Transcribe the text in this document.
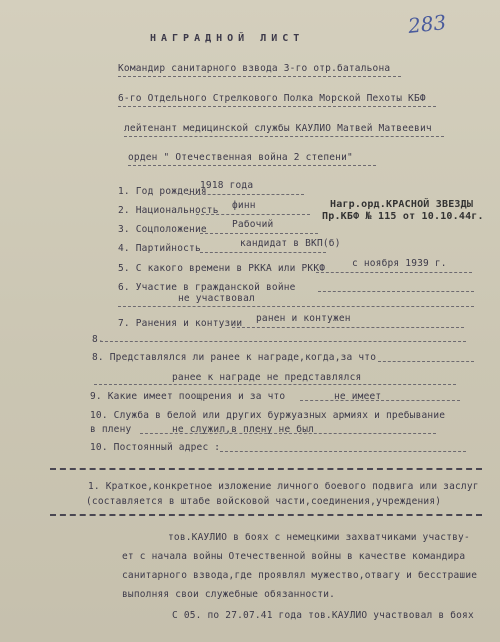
НАГРАДНОЙ ЛИСТ
283
Командир санитарного взвода 3-го отр.батальона
6-го Отдельного Стрелкового Полка Морской Пехоты КБФ
лейтенант медицинской службы КАУЛИО Матвей Матвеевич
орден " Отечественная война 2 степени"
1. Год рождения
1918 года
Нагр.орд.КРАСНОЙ ЗВЕЗДЫ
Пр.КБФ № 115 от 10.10.44г.
2. Национальность финн
3. Соцположение	Рабочий
4. Партийность	кандидат в ВКП(б)
5. С какого времени в РККА или РККФ	с ноября 1939 г.
6. Участие в гражданской войне
не участвовал
7. Ранения и контузии ранен и контужен
8.
8. Представлялся ли ранее к награде,когда,за что
ранее к награде не представлялся
9. Какие имеет поощрения и за что	не имеет
10. Служба в белой или других буржуазных армиях и пребывание
в плену	не служил,в плену не был
10. Постоянный адрес :
1. Краткое,конкретное изложение личного боевого подвига или заслуг
(составляется в штабе войсковой части,соединения,учреждения)
тов.КАУЛИО в боях с немецкими захватчиками участву-
ет с начала войны Отечественной войны в качестве командира
санитарного взвода,где проявлял мужество,отвагу и бесстрашие
выполняя свои служебные обязанности.
С 05. по 27.07.41 года тов.КАУЛИО участвовал в боях
